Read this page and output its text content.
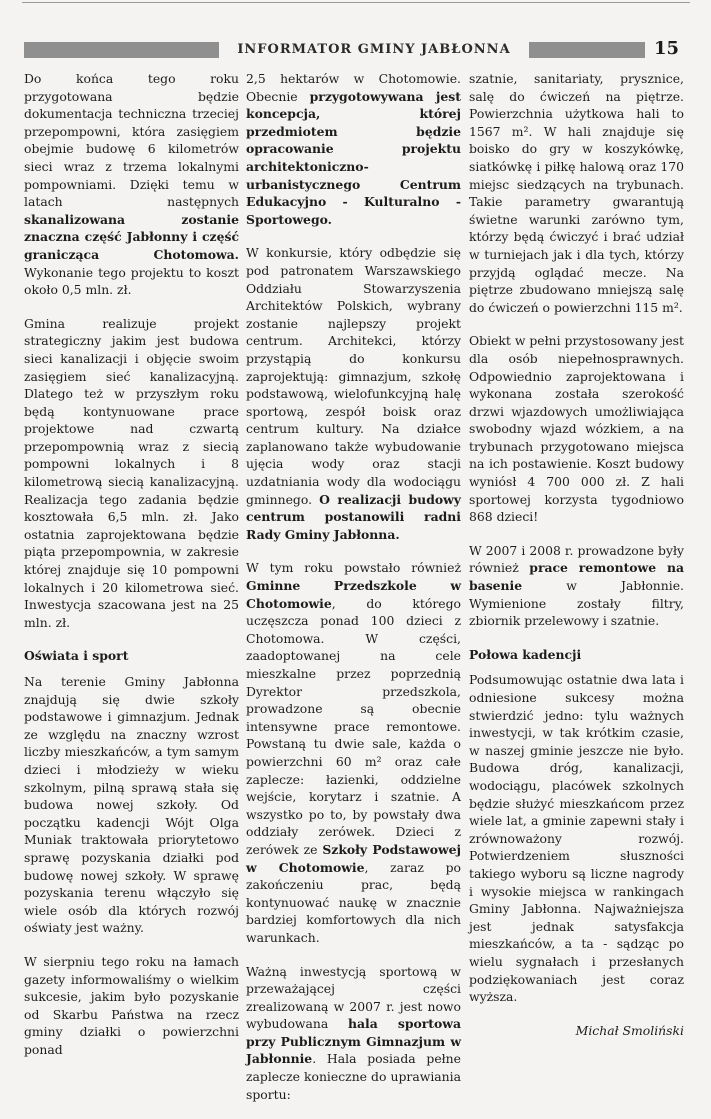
INFORMATOR GMINY JABŁONNA	15

Do końca tego roku przygotowana będzie dokumentacja techniczna trzeciej przepompowni, która zasięgiem obejmie budowę 6 kilometrów sieci wraz z trzema lokalnymi pompowniami. Dzięki temu w latach następnych skanalizowana zostanie znaczna część Jabłonny i część granicząca Chotomowa. Wykonanie tego projektu to koszt około 0,5 mln. zł.

Gmina realizuje projekt strategiczny jakim jest budowa sieci kanalizacji i objęcie swoim zasięgiem sieć kanalizacyjną. Dlatego też w przyszłym roku będą kontynuowane prace projektowe nad czwartą przepompownią wraz z siecią pompowni lokalnych i 8 kilometrową siecią kanalizacyjną. Realizacja tego zadania będzie kosztowała 6,5 mln. zł. Jako ostatnia zaprojektowana będzie piąta przepompownia, w zakresie której znajduje się 10 pompowni lokalnych i 20 kilometrowa sieć. Inwestycja szacowana jest na 25 mln. zł.

Oświata i sport

Na terenie Gminy Jabłonna znajdują się dwie szkoły podstawowe i gimnazjum. Jednak ze względu na znaczny wzrost liczby mieszkańców, a tym samym dzieci i młodzieży w wieku szkolnym, pilną sprawą stała się budowa nowej szkoły. Od początku kadencji Wójt Olga Muniak traktowała priorytetowo sprawę pozyskania działki pod budowę nowej szkoły. W sprawę pozyskania terenu włączyło się wiele osób dla których rozwój oświaty jest ważny.

W sierpniu tego roku na łamach gazety informowaliśmy o wielkim sukcesie, jakim było pozyskanie od Skarbu Państwa na rzecz gminy działki o powierzchni ponad

2,5 hektarów w Chotomowie. Obecnie przygotowywana jest koncepcja, której przedmiotem będzie opracowanie projektu architektoniczno-urbanistycznego Centrum Edukacyjno - Kulturalno - Sportowego.

W konkursie, który odbędzie się pod patronatem Warszawskiego Oddziału Stowarzyszenia Architektów Polskich, wybrany zostanie najlepszy projekt centrum. Architekci, którzy przystąpią do konkursu zaprojektują: gimnazjum, szkołę podstawową, wielofunkcyjną halę sportową, zespół boisk oraz centrum kultury. Na działce zaplanowano także wybudowanie ujęcia wody oraz stacji uzdatniania wody dla wodociągu gminnego. O realizacji budowy centrum postanowili radni Rady Gminy Jabłonna.

W tym roku powstało również Gminne Przedszkole w Chotomowie, do którego uczęszcza ponad 100 dzieci z Chotomowa. W części, zaadoptowanej na cele mieszkalne przez poprzednią Dyrektor przedszkola, prowadzone są obecnie intensywne prace remontowe. Powstaną tu dwie sale, każda o powierzchni 60 m² oraz całe zaplecze: łazienki, oddzielne wejście, korytarz i szatnie. A wszystko po to, by powstały dwa oddziały zerówek. Dzieci z zerówek ze Szkoły Podstawowej w Chotomowie, zaraz po zakończeniu prac, będą kontynuować naukę w znacznie bardziej komfortowych dla nich warunkach.

Ważną inwestycją sportową w przeważającej części zrealizowaną w 2007 r. jest nowo wybudowana hala sportowa przy Publicznym Gimnazjum w Jabłonnie. Hala posiada pełne zaplecze konieczne do uprawiania sportu:

szatnie, sanitariaty, prysznice, salę do ćwiczeń na piętrze. Powierzchnia użytkowa hali to 1567 m². W hali znajduje się boisko do gry w koszykówkę, siatkówkę i piłkę halową oraz 170 miejsc siedzących na trybunach. Takie parametry gwarantują świetne warunki zarówno tym, którzy będą ćwiczyć i brać udział w turniejach jak i dla tych, którzy przyjdą oglądać mecze. Na piętrze zbudowano mniejszą salę do ćwiczeń o powierzchni 115 m².

Obiekt w pełni przystosowany jest dla osób niepełnosprawnych. Odpowiednio zaprojektowana i wykonana została szerokość drzwi wjazdowych umożliwiająca swobodny wjazd wózkiem, a na trybunach przygotowano miejsca na ich postawienie. Koszt budowy wyniósł 4 700 000 zł. Z hali sportowej korzysta tygodniowo 868 dzieci!

W 2007 i 2008 r. prowadzone były również prace remontowe na basenie w Jabłonnie. Wymienione zostały filtry, zbiornik przelewowy i szatnie.

Połowa kadencji

Podsumowując ostatnie dwa lata i odniesione sukcesy można stwierdzić jedno: tylu ważnych inwestycji, w tak krótkim czasie, w naszej gminie jeszcze nie było. Budowa dróg, kanalizacji, wodociągu, placówek szkolnych będzie służyć mieszkańcom przez wiele lat, a gminie zapewni stały i zrównoważony rozwój. Potwierdzeniem słuszności takiego wyboru są liczne nagrody i wysokie miejsca w rankingach Gminy Jabłonna. Najważniejsza jest jednak satysfakcja mieszkańców, a ta - sądząc po wielu sygnałach i przesłanych podziękowaniach jest coraz wyższa.

Michał Smoliński
